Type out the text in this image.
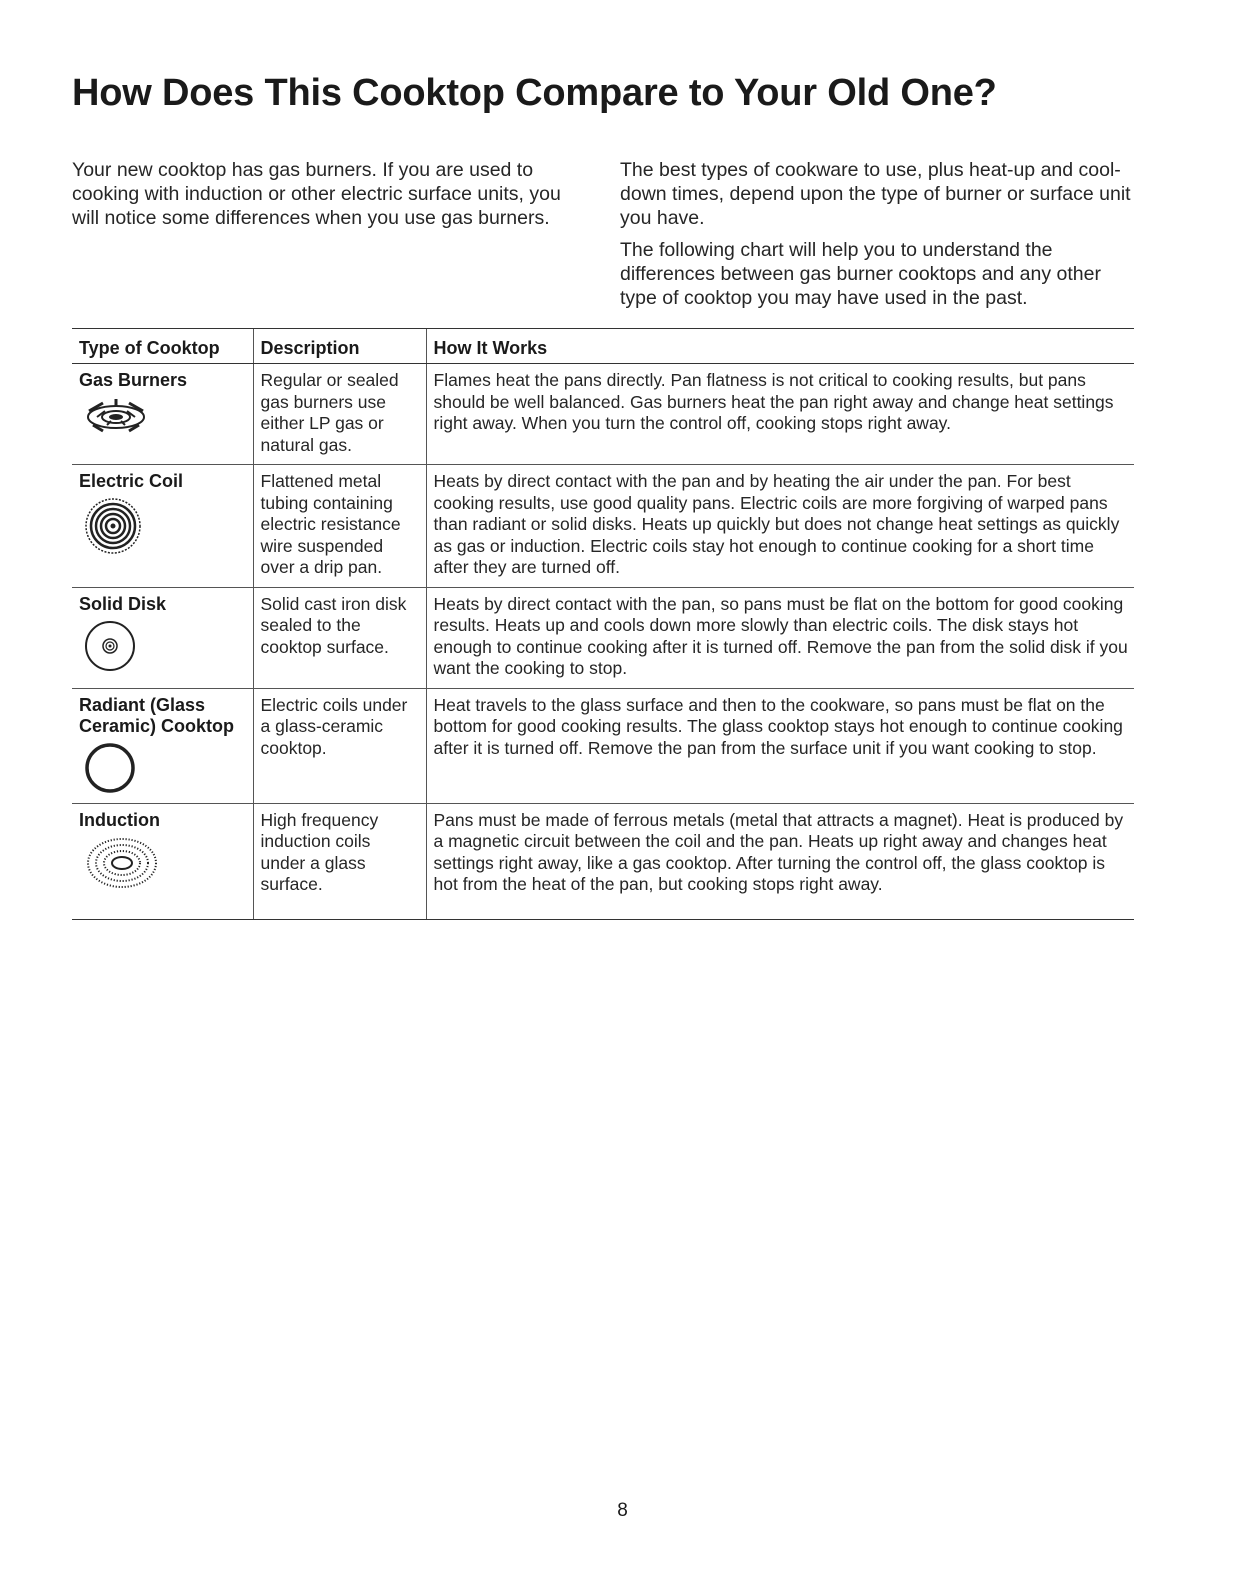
How Does This Cooktop Compare to Your Old One?

Your new cooktop has gas burners. If you are used to cooking with induction or other electric surface units, you will notice some differences when you use gas burners.

The best types of cookware to use, plus heat-up and cool-down times, depend upon the type of burner or surface unit you have.

The following chart will help you to understand the differences between gas burner cooktops and any other type of cooktop you may have used in the past.

Type of Cooktop	Description	How It Works

Gas Burners	Regular or sealed gas burners use either LP gas or natural gas.	Flames heat the pans directly. Pan flatness is not critical to cooking results, but pans should be well balanced. Gas burners heat the pan right away and change heat settings right away. When you turn the control off, cooking stops right away.

Electric Coil	Flattened metal tubing containing electric resistance wire suspended over a drip pan.	Heats by direct contact with the pan and by heating the air under the pan. For best cooking results, use good quality pans. Electric coils are more forgiving of warped pans than radiant or solid disks. Heats up quickly but does not change heat settings as quickly as gas or induction. Electric coils stay hot enough to continue cooking for a short time after they are turned off.

Solid Disk	Solid cast iron disk sealed to the cooktop surface.	Heats by direct contact with the pan, so pans must be flat on the bottom for good cooking results. Heats up and cools down more slowly than electric coils. The disk stays hot enough to continue cooking after it is turned off. Remove the pan from the solid disk if you want the cooking to stop.

Radiant (Glass Ceramic) Cooktop	Electric coils under a glass-ceramic cooktop.	Heat travels to the glass surface and then to the cookware, so pans must be flat on the bottom for good cooking results. The glass cooktop stays hot enough to continue cooking after it is turned off. Remove the pan from the surface unit if you want cooking to stop.

Induction	High frequency induction coils under a glass surface.	Pans must be made of ferrous metals (metal that attracts a magnet). Heat is produced by a magnetic circuit between the coil and the pan. Heats up right away and changes heat settings right away, like a gas cooktop. After turning the control off, the glass cooktop is hot from the heat of the pan, but cooking stops right away.
8
